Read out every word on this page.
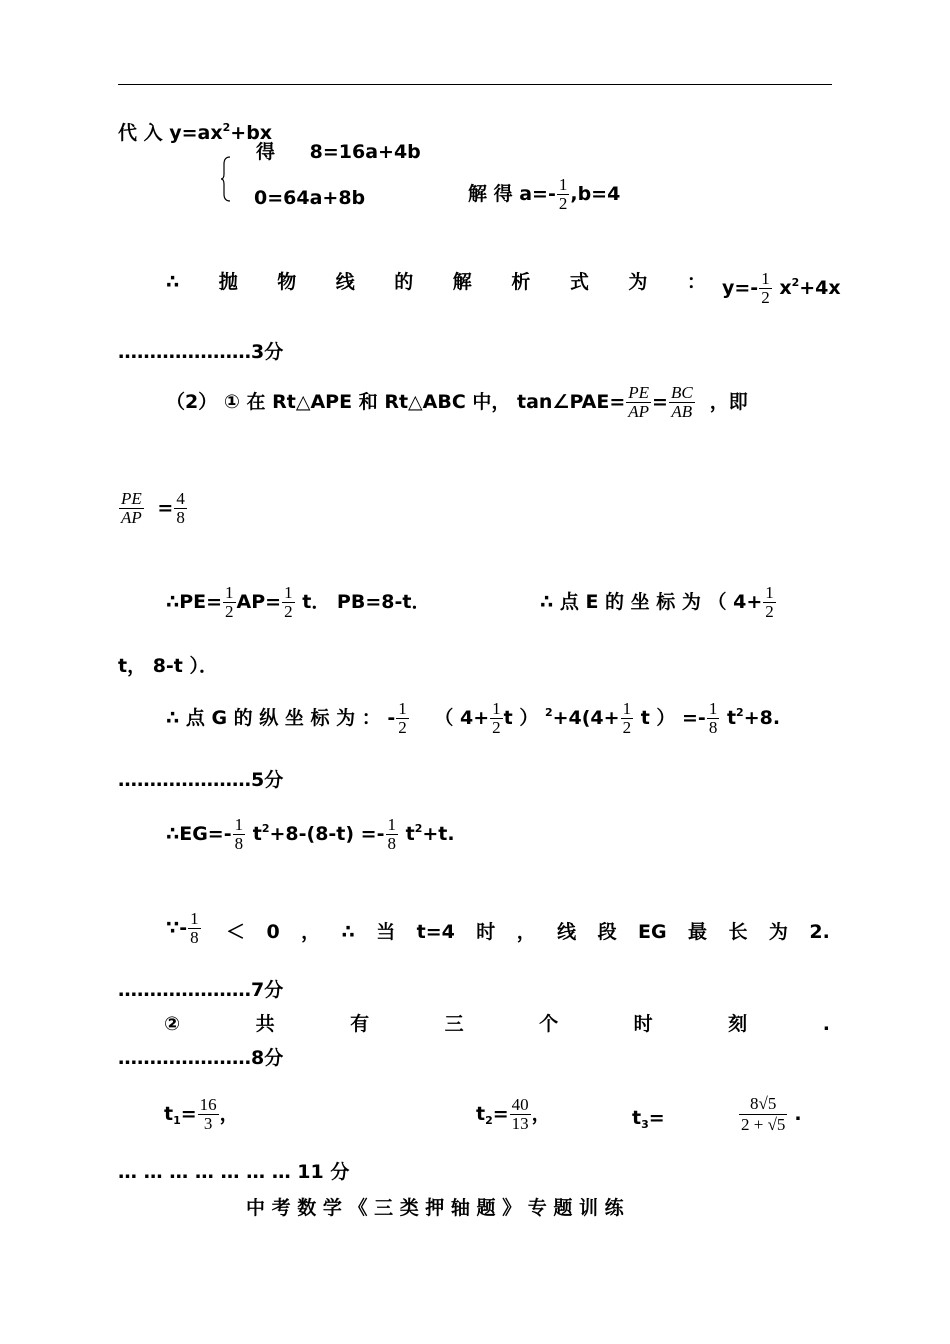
代 入 $y=ax^2+bx$
得 8=16a+4b
0=64a+8b	解 得 $a=- \frac{1}{2} ,b=4$
∴ 抛 物 线 的 解 析 式 为 ： $y=- \frac{1}{2} x^2+4x$
…………………3分
（2） ① 在 Rt△APE 和 Rt△ABC 中， tan∠PAE= $\frac{PE}{AP} = \frac{BC}{AB}$ ，即
$\frac{PE}{AP} = \frac{4}{8}$
∴PE= $\frac{1}{2} AP= \frac{1}{2}$ t． PB=8-t．	∴ 点 E 的 坐 标 为 （ $4+ \frac{1}{2}$
t， 8-t ）．
∴ 点 G 的 纵 坐 标 为 ： - $\frac{1}{2}$ （ $4+ \frac{1}{2}$ t ） $^2+4(4+ \frac{1}{2}$ t ） =- $\frac{1}{8} t^2+8$.
…………………5分
∴EG=- $\frac{1}{8} t^2+8-(8-t) =- \frac{1}{8} t^2+t$.
∵- $\frac{1}{8} < 0$ ， ∴ 当 t=4 时 ， 线 段 EG 最 长 为 2.
…………………7分
②	共	有	三	个	时	刻	.
…………………8分
$t_1= \frac{16}{3}$ ，	$t_2= \frac{40}{13}$ ，	$t_3=$	$\frac{8√5}{2 + √5}$ .
… … … … … … … 11 分
中 考 数 学 《 三 类 押 轴 题 》 专 题 训 练
